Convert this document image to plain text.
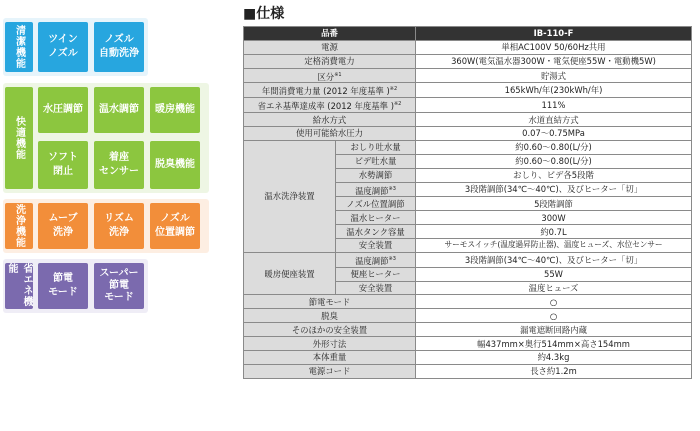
清潔機能
快適機能
洗浄機能
省エネ機能
ツイン
ノズル
ノズル
自動洗浄
水圧調節	温水調節	暖房機能
ソフト
閉止
着座
センサー
脱臭機能
ムーブ
洗浄
リズム
洗浄
ノズル
位置調節
節電
モード
スーパー
節電
モード
■仕様
品番		IB-110-F
電源		単相AC100V 50/60Hz共用
定格消費電力		360W(電気温水器300W・電気便座55W・電動機5W)
区分$^{※1}$		貯湯式
年間消費電力量 (2012 年度基準 )$^{※2}$		165kWh/年(230kWh/年)
省エネ基準達成率 (2012 年度基準 )$^{※2}$		111%
給水方式		水道直結方式
使用可能給水圧力		0.07～0.75MPa
温水洗浄装置	おしり吐水量	約0.60～0.80(L/分)
	ビデ吐水量	約0.60～0.80(L/分)
	水勢調節	おしり、ビデ各5段階
	温度調節$^{※3}$	3段階調節(34℃～40℃)、及びヒーター「切」
	ノズル位置調節	5段階調節
	温水ヒーター	300W
	温水タンク容量	約0.7L
	安全装置	サーモスイッチ(温度過昇防止器)、温度ヒューズ、水位センサー
暖房便座装置	温度調節$^{※3}$	3段階調節(34℃～40℃)、及びヒーター「切」
	便座ヒーター	55W
	安全装置	温度ヒューズ
節電モード		○
脱臭		○
そのほかの安全装置		漏電遮断回路内蔵
外形寸法		幅437mm×奥行514mm×高さ154mm
本体重量		約4.3kg
電源コード		長さ約1.2m
